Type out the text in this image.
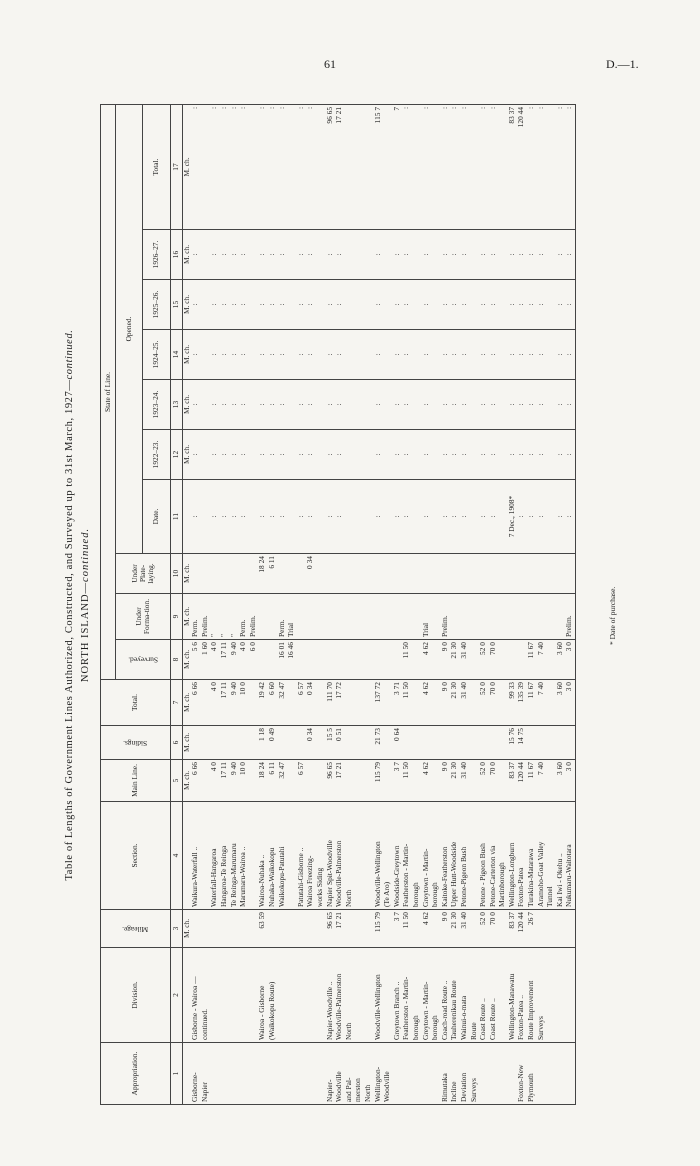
61	D.—1.
Table of Lengths of Government Lines Authorized, Constructed, and Surveyed up to 31st March, 1927—continued.
NORTH ISLAND—continued.
Appropriation.	Division.	Mileage.	Section.	Main Line.	Sidings.	Total.	State of Line.									
							Surveyed.	Under Forma-tion.	Under Plate-laying.	Opened.						
										Date.	1922–23.	1923–24.	1924–25.	1925–26.	1926–27.	Total.
1	2	3	4	5	6	7	8	9	10	11	12	13	14	15	16	17
		M. ch.		M. ch.	M. ch.	M. ch.	M. ch.	M. ch.	M. ch.		M. ch.	M. ch.	M. ch.	M. ch.	M. ch.	M. ch.
Gisborne-	Gisborne - Wairoa —		Waikura-Waterfall ..	6 66		6 66	5 6	Perm.		:	:	:	:	:	:	:
Napier	continued.						1 60	Prelim.								
			Waterfall-Hangaroa	4 0		4 0	4 0	"		:	:	:	:	:	:	:
			Hangaroa-Te Reinga	17 11		17 11	17 11	"		:	:	:	:	:	:	:
			Te Reinga-Marumaru	9 40		9 40	9 40	"		:	:	:	:	:	:	:
			Marumaru-Wairoa ..	10 0		10 0	4 0	Perm.		:	:	:	:	:	:	:
							6 0	Prelim.								
	Wairoa - Gisborne	63 59	Wairoa-Nuhaka ..	18 24	1 18	19 42			18 24	:	:	:	:	:	:	:
	(Waikokopu Route)		Nuhaka-Waikokopu	6 11	0 49	6 60			6 11	:	:	:	:	:	:	:
			Waikokopu-Patutahi	32 47		32 47	16 01	Perm.		:	:	:	:	:	:	:
							16 46	Trial								
			Patutahi-Gisborne ..	6 57		6 57				:	:	:	:	:	:	:
			Wairoa Freezing-		0 34	0 34			0 34	:	:	:	:	:	:	:
			works Siding													
Napier-	Napier-Woodville ..	96 65	Napier Spit-Woodville	96 65	15 5	111 70				:	:	:	:	:	:	96 65
Woodville	Woodville-Palmerston	17 21	Woodville-Palmerston	17 21	0 51	17 72				:	:	:	:	:	:	17 21
and Pal-	North		North													
merston																
North																
Wellington-	Woodville-Wellington	115 79	Woodville-Wellington	115 79	21 73	137 72				:	:	:	:	:	:	115 7
Woodville			(Te Aro)													
	Greytown Branch ..	3 7	Woodside-Greytown	3 7	0 64	3 71				:	:	:	:	:	:	7
	Featherston - Martin-	11 50	Featherston - Martin-	11 50		11 50	11 50			:	:	:	:	:	:	:
	borough		borough													
	Greytown - Martin-	4 62	Greytown - Martin-	4 62		4 62	4 62	Trial		:	:	:	:	:	:	:
	borough		borough													
Rimutaka	Coach-road Route ..	9 0	Kaitoke-Featherston	9 0		9 0	9 0	Prelim.		:	:	:	:	:	:	:
Incline	Tauherenikau Route	21 30	Upper Hutt-Woodside	21 30		21 30	21 30			:	:	:	:	:	:	:
Deviation	Wainui-o-mata	31 40	Petone-Pigeon Bush	31 40		31 40	31 40			:	:	:	:	:	:	:
Surveys	Route															
	Coast Route ..	52 0	Petone - Pigeon Bush	52 0		52 0	52 0			:	:	:	:	:	:	:
	Coast Route ..	70 0	Petone-Carterton via	70 0		70 0	70 0			:	:	:	:	:	:	:
			Martinborough													
	Wellington-Manawatu	83 37	Wellington-Longburn	83 37	15 76	99 33				7 Dec., 1908*	:	:	:	:	:	83 37
Foxton-New	Foxton-Patea ..	120 44	Foxton-Patea	120 44	14 75	135 39				:	:	:	:	:	:	120 44
Plymouth	Route Improvement	26 7	Turakina-Matarawa	11 67		11 67	11 67			:	:	:	:	:	:	:
	Surveys		Aramoho-Goat Valley	7 40		7 40	7 40			:	:	:	:	:	:	:
			Tunnel													
			Kai Iwi - Okehu ..	3 60		3 60	3 60			:	:	:	:	:	:	:
			Nukumaru-Waitotara	3 0		3 0	3 0	Prelim.		:	:	:	:	:	:	:
* Date of purchase.
